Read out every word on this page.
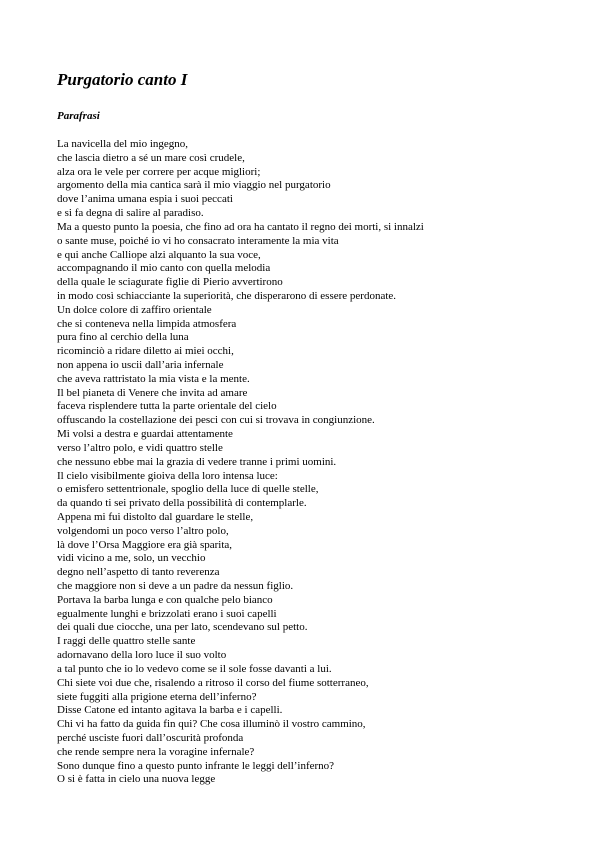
Purgatorio canto I
Parafrasi
La navicella del mio ingegno,
che lascia dietro a sé un mare così crudele,
alza ora le vele per correre per acque migliori;
argomento della mia cantica sarà il mio viaggio nel purgatorio
dove l’anima umana espia i suoi peccati
e si fa degna di salire al paradiso.
Ma a questo punto la poesia, che fino ad ora ha cantato il regno dei morti, si innalzi
o sante muse, poiché io vi ho consacrato interamente la mia vita
e qui anche Calliope alzi alquanto la sua voce,
accompagnando il mio canto con quella melodia
della quale le sciagurate figlie di Pierio avvertirono
in modo così schiacciante la superiorità, che disperarono di essere perdonate.
Un dolce colore di zaffiro orientale
che si conteneva nella limpida atmosfera
pura fino al cerchio della luna
ricominciò a ridare diletto ai miei occhi,
non appena io uscii dall’aria infernale
che aveva rattristato la mia vista e la mente.
Il bel pianeta di Venere che invita ad amare
faceva risplendere tutta la parte orientale del cielo
offuscando la costellazione dei pesci con cui si trovava in congiunzione.
Mi volsi a destra e guardai attentamente
verso l’altro polo, e vidi quattro stelle
che nessuno ebbe mai la grazia di vedere tranne i primi uomini.
Il cielo visibilmente gioiva della loro intensa luce:
o emisfero settentrionale, spoglio della luce di quelle stelle,
da quando ti sei privato della possibilità di contemplarle.
Appena mi fui distolto dal guardare le stelle,
volgendomi un poco verso l’altro polo,
là dove l’Orsa Maggiore era già sparita,
vidi vicino a me, solo, un vecchio
degno nell’aspetto di tanto reverenza
che maggiore non si deve a un padre da nessun figlio.
Portava la barba lunga e con qualche pelo bianco
egualmente lunghi e brizzolati erano i suoi capelli
dei quali due ciocche, una per lato, scendevano sul petto.
I raggi delle quattro stelle sante
adornavano della loro luce il suo volto
a tal punto che io lo vedevo come se il sole fosse davanti a lui.
Chi siete voi due che, risalendo a ritroso il corso del fiume sotterraneo,
siete fuggiti alla prigione eterna dell’inferno?
Disse Catone ed intanto agitava la barba e i capelli.
Chi vi ha fatto da guida fin qui? Che cosa illuminò il vostro cammino,
perché usciste fuori dall’oscurità profonda
che rende sempre nera la voragine infernale?
Sono dunque fino a questo punto infrante le leggi dell’inferno?
O si è fatta in cielo una nuova legge
